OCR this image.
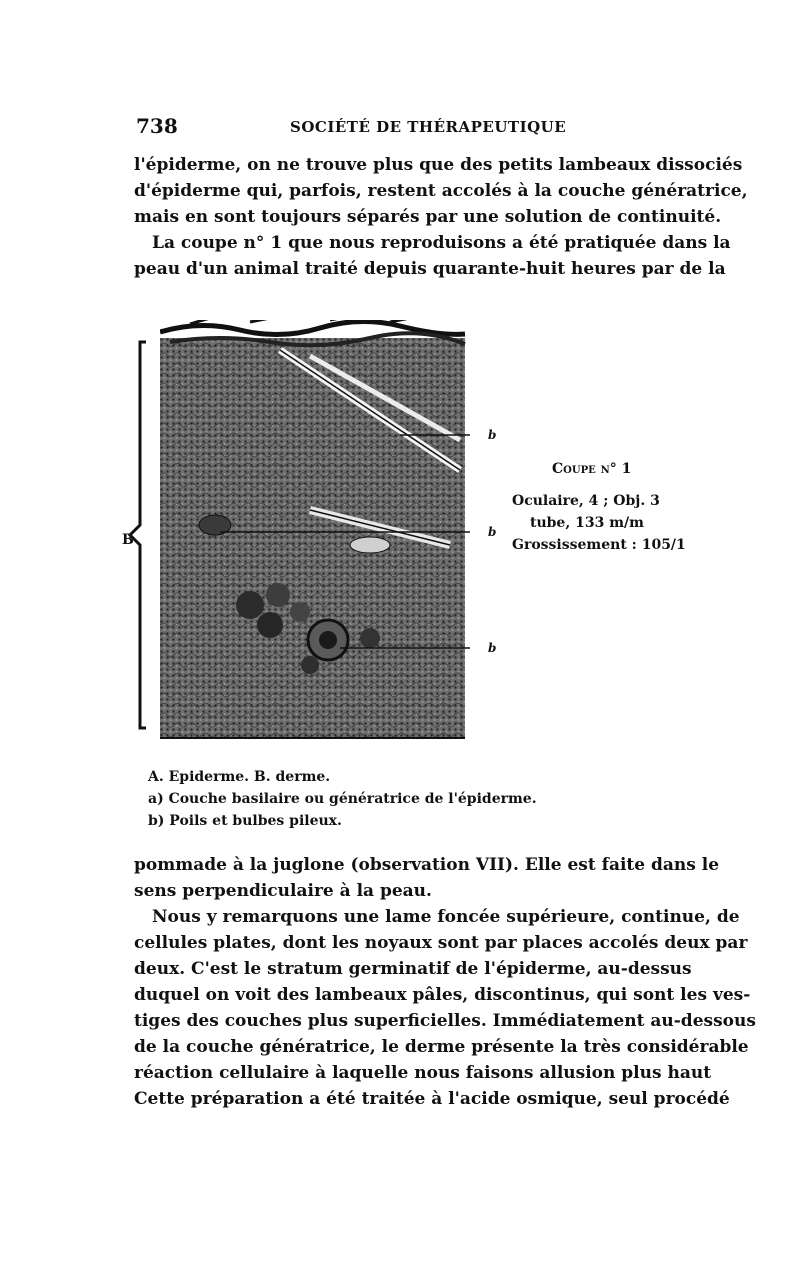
738	SOCIÉTÉ DE THÉRAPEUTIQUE

l'épiderme, on ne trouve plus que des petits lambeaux dissociés
d'épiderme qui, parfois, restent accolés à la couche génératrice,
mais en sont toujours séparés par une solution de continuité.

La coupe n° 1 que nous reproduisons a été pratiquée dans la
peau d'un animal traité depuis quarante-huit heures par de la

B
b
b
b
Coupe n° 1
Oculaire, 4 ; Obj. 3
tube, 133 m/m
Grossissement : 105/1
A. Epiderme. B. derme.
a) Couche basilaire ou génératrice de l'épiderme.
b) Poils et bulbes pileux.

pommade à la juglone (observation VII). Elle est faite dans le
sens perpendiculaire à la peau.

Nous y remarquons une lame foncée supérieure, continue, de
cellules plates, dont les noyaux sont par places accolés deux par
deux. C'est le stratum germinatif de l'épiderme, au-dessus
duquel on voit des lambeaux pâles, discontinus, qui sont les ves-
tiges des couches plus superficielles. Immédiatement au-dessous
de la couche génératrice, le derme présente la très considérable
réaction cellulaire à laquelle nous faisons allusion plus haut
Cette préparation a été traitée à l'acide osmique, seul procédé
